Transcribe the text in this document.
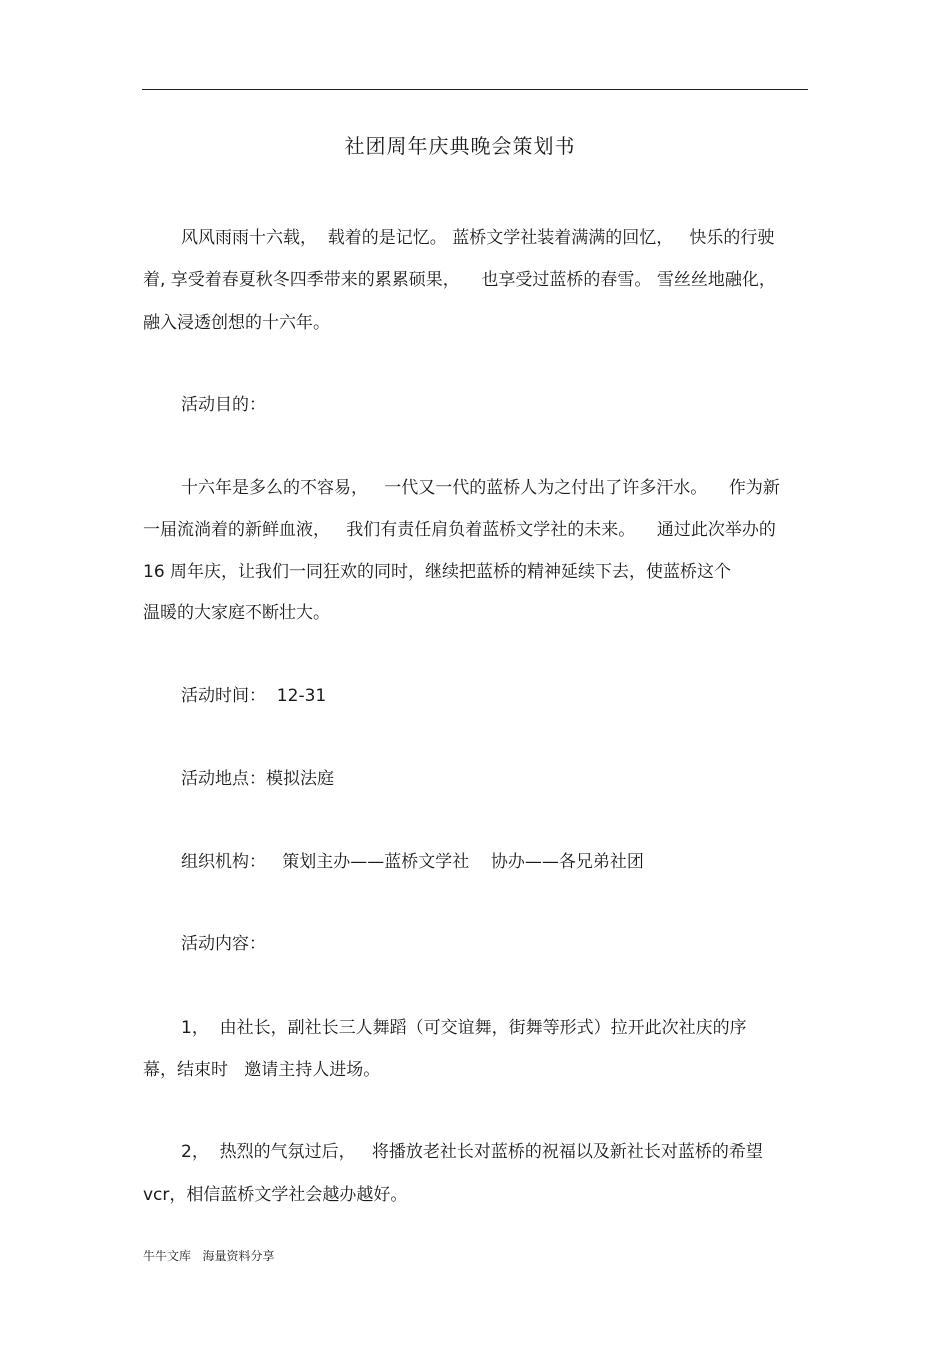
社团周年庆典晚会策划书
风风雨雨十六载，  载着的是记忆。 蓝桥文学社装着满满的回忆，   快乐的行驶
着, 享受着春夏秋冬四季带来的累累硕果，    也享受过蓝桥的春雪。 雪丝丝地融化，
融入浸透创想的十六年。
活动目的：
十六年是多么的不容易，   一代又一代的蓝桥人为之付出了许多汗水。    作为新
一届流淌着的新鲜血液，   我们有责任肩负着蓝桥文学社的未来。    通过此次举办的
16 周年庆，让我们一同狂欢的同时，继续把蓝桥的精神延续下去，使蓝桥这个
温暖的大家庭不断壮大。
活动时间：  12-31
活动地点：模拟法庭
组织机构：   策划主办——蓝桥文学社    协办——各兄弟社团
活动内容：
1，  由社长，副社长三人舞蹈（可交谊舞，街舞等形式）拉开此次社庆的序
幕，结束时   邀请主持人进场。
2，  热烈的气氛过后，   将播放老社长对蓝桥的祝福以及新社长对蓝桥的希望
vcr，相信蓝桥文学社会越办越好。
牛牛文库   海量资料分享
